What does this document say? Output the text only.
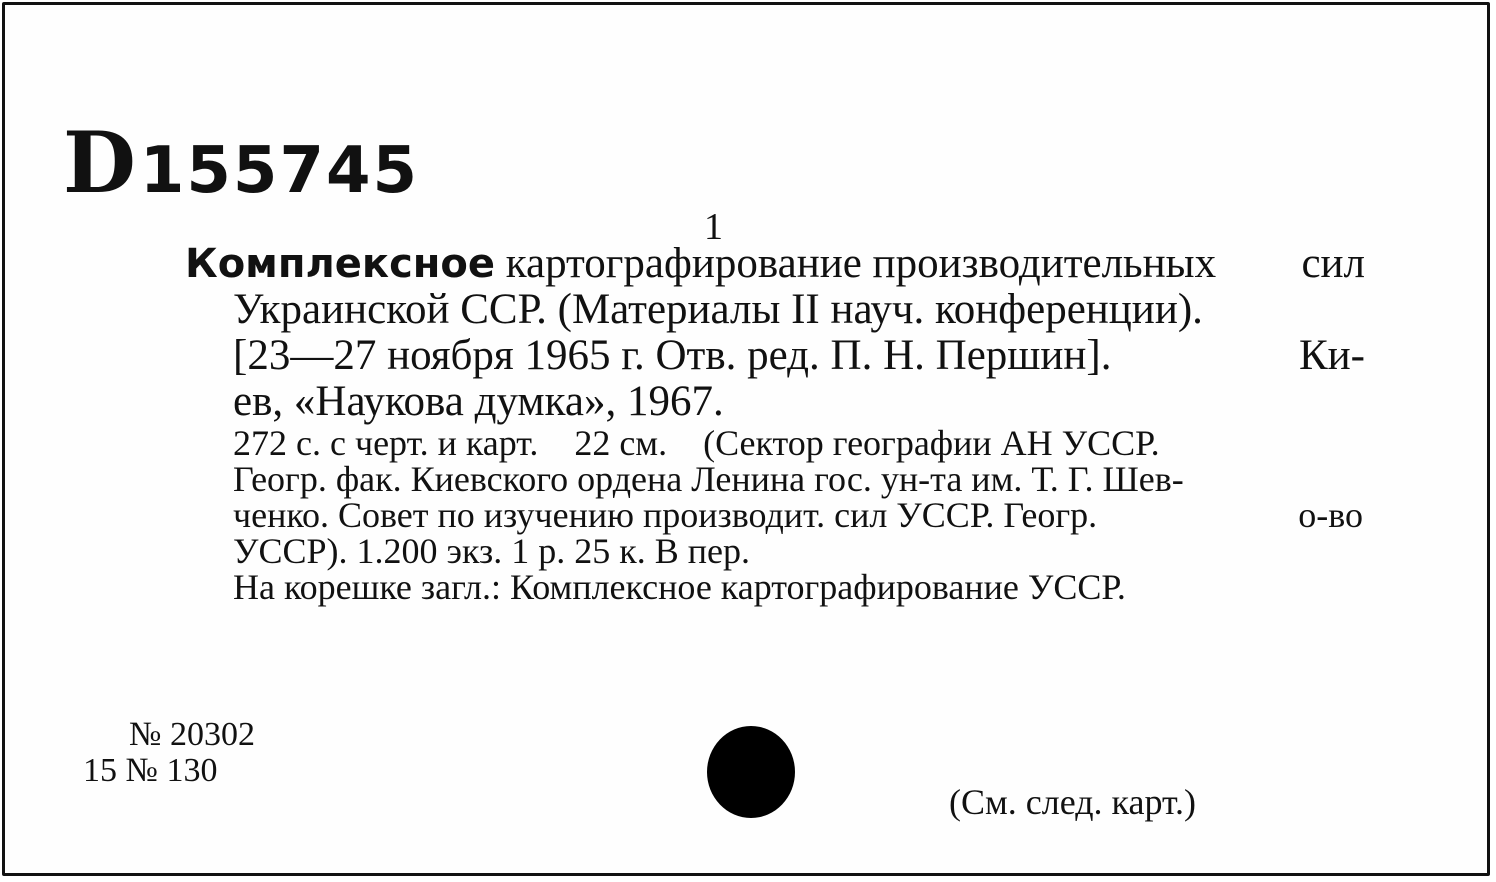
D155745
1
Комплексное картографирование производительных сил
Украинской ССР. (Материалы II науч. конференции).
[23—27 ноября 1965 г. Отв. ред. П. Н. Першин].	Ки-
ев, «Наукова думка», 1967.
272 с. с черт. и карт.    22 см.    (Сектор географии АН УССР.
Геогр. фак. Киевского ордена Ленина гос. ун-та им. Т. Г. Шев-
ченко. Совет по изучению производит. сил УССР. Геогр.	о-во
УССР). 1.200 экз. 1 р. 25 к. В пер.
На корешке загл.: Комплексное картографирование УССР.
№ 20302
15 № 130
(См. след. карт.)
